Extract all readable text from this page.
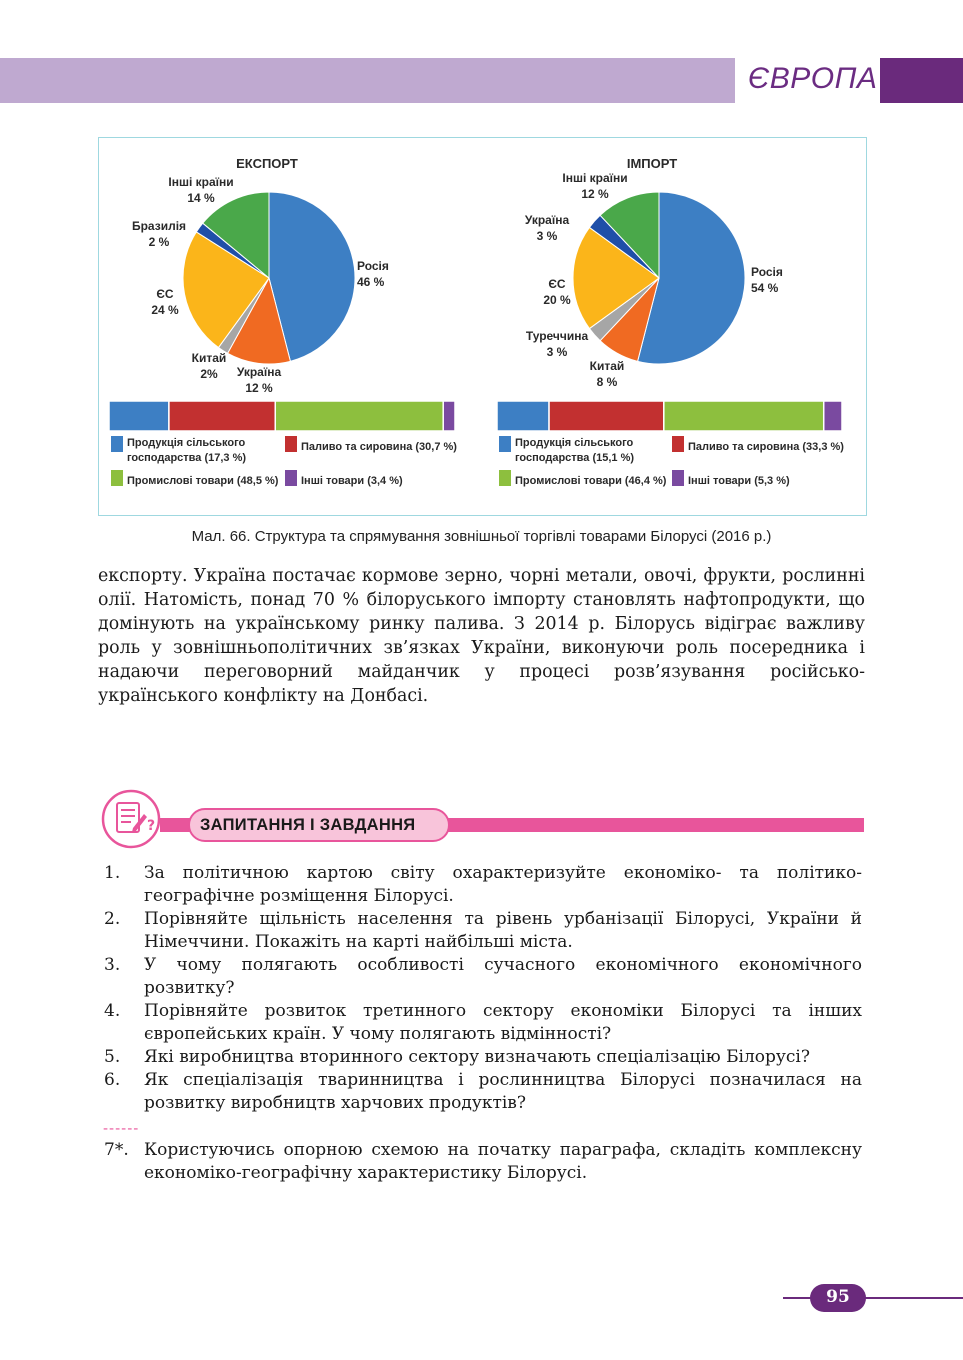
ЄВРОПА
ЕКСПОРТ
Росія
46 %
Україна
12 %
Китай
2%
ЄС
24 %
Бразилія
2 %
Інші країни
14 %
Продукція сільського
господарства (17,3 %)
Паливо та сировина (30,7 %)
Промислові товари (48,5 %) Інші товари (3,4 %)
ІМПОРТ
Росія
54 %
Китай
8 %
Туреччина
3 %
ЄС
20 %
Україна
3 %
Інші країни
12 %
Продукція сільського
господарства (15,1 %)
Паливо та сировина (33,3 %)
Промислові товари (46,4 %) Інші товари (5,3 %)
Мал. 66. Структура та спрямування зовнішньої торгівлі товарами Білорусі (2016 р.)
експорту. Україна постачає кормове зерно, чорні метали, овочі, фрукти, рослинні олії. Натомість, понад 70 % білоруського імпорту становлять нафтопродукти, що домінують на українському ринку палива. З 2014 р. Білорусь відіграє важливу роль у зовнішньополітичних зв’язках України, виконуючи роль посередника і надаючи переговорний майданчик у процесі розв’язування російсько-українського конфлікту на Донбасі.
?	ЗАПИТАННЯ І ЗАВДАННЯ
1. За політичною картою світу охарактеризуйте економіко- та політико-географічне розміщення Білорусі.
2. Порівняйте щільність населення та рівень урбанізації Білорусі, України й Німеччини. Покажіть на карті найбільші міста.
3. У чому полягають особливості сучасного економічного економічного розвитку?
4. Порівняйте розвиток третинного сектору економіки Білорусі та інших європейських країн. У чому полягають відмінності?
5. Які виробництва вторинного сектору визначають спеціалізацію Білорусі?
6. Як спеціалізація тваринництва і рослинництва Білорусі позначилася на розвитку виробництв харчових продуктів?
------
7*. Користуючись опорною схемою на початку параграфа, складіть комплексну економіко-географічну характеристику Білорусі.
95
